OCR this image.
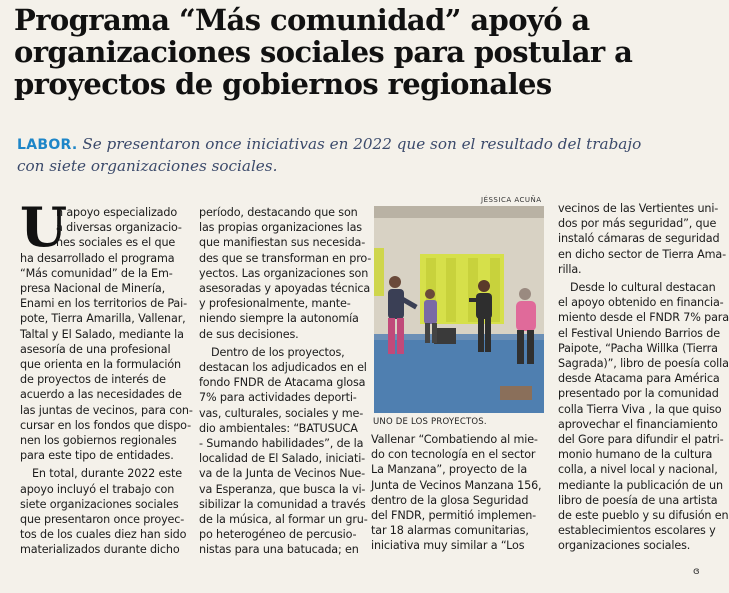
Programa “Más comunidad” apoyó a
organizaciones sociales para postular a
proyectos de gobiernos regionales
LABOR. Se presentaron once iniciativas en 2022 que son el resultado del trabajo
con siete organizaciones sociales.
U
n apoyo especializado
a diversas organizacio-
nes sociales es el que
ha desarrollado el programa
“Más comunidad” de la Em-
presa Nacional de Minería,
Enami en los territorios de Pai-
pote, Tierra Amarilla, Vallenar,
Taltal y El Salado, mediante la
asesoría de una profesional
que orienta en la formulación
de proyectos de interés de
acuerdo a las necesidades de
las juntas de vecinos, para con-
cursar en los fondos que dispo-
nen los gobiernos regionales
para este tipo de entidades.
En total, durante 2022 este
apoyo incluyó el trabajo con
siete organizaciones sociales
que presentaron once proyec-
tos de los cuales diez han sido
materializados durante dicho
período, destacando que son
las propias organizaciones las
que manifiestan sus necesida-
des que se transforman en pro-
yectos. Las organizaciones son
asesoradas y apoyadas técnica
y profesionalmente, mante-
niendo siempre la autonomía
de sus decisiones.
Dentro de los proyectos,
destacan los adjudicados en el
fondo FNDR de Atacama glosa
7% para actividades deporti-
vas, culturales, sociales y me-
dio ambientales: “BATUSUCA
- Sumando habilidades”, de la
localidad de El Salado, iniciati-
va de la Junta de Vecinos Nue-
va Esperanza, que busca la vi-
sibilizar la comunidad a través
de la música, al formar un gru-
po heterogéneo de percusio-
nistas para una batucada; en
JÉSSICA ACUÑA
UNO DE LOS PROYECTOS.
Vallenar “Combatiendo al mie-
do con tecnología en el sector
La Manzana”, proyecto de la
Junta de Vecinos Manzana 156,
dentro de la glosa Seguridad
del FNDR, permitió implemen-
tar 18 alarmas comunitarias,
iniciativa muy similar a “Los
vecinos de las Vertientes uni-
dos por más seguridad”, que
instaló cámaras de seguridad
en dicho sector de Tierra Ama-
rilla.
Desde lo cultural destacan
el apoyo obtenido en financia-
miento desde el FNDR 7% para
el Festival Uniendo Barrios de
Paipote, “Pacha Willka (Tierra
Sagrada)”, libro de poesía colla
desde Atacama para América
presentado por la comunidad
colla Tierra Viva , la que quiso
aprovechar el financiamiento
del Gore para difundir el patri-
monio humano de la cultura
colla, a nivel local y nacional,
mediante la publicación de un
libro de poesía de una artista
de este pueblo y su difusión en
establecimientos escolares y
organizaciones sociales.
ɞ
